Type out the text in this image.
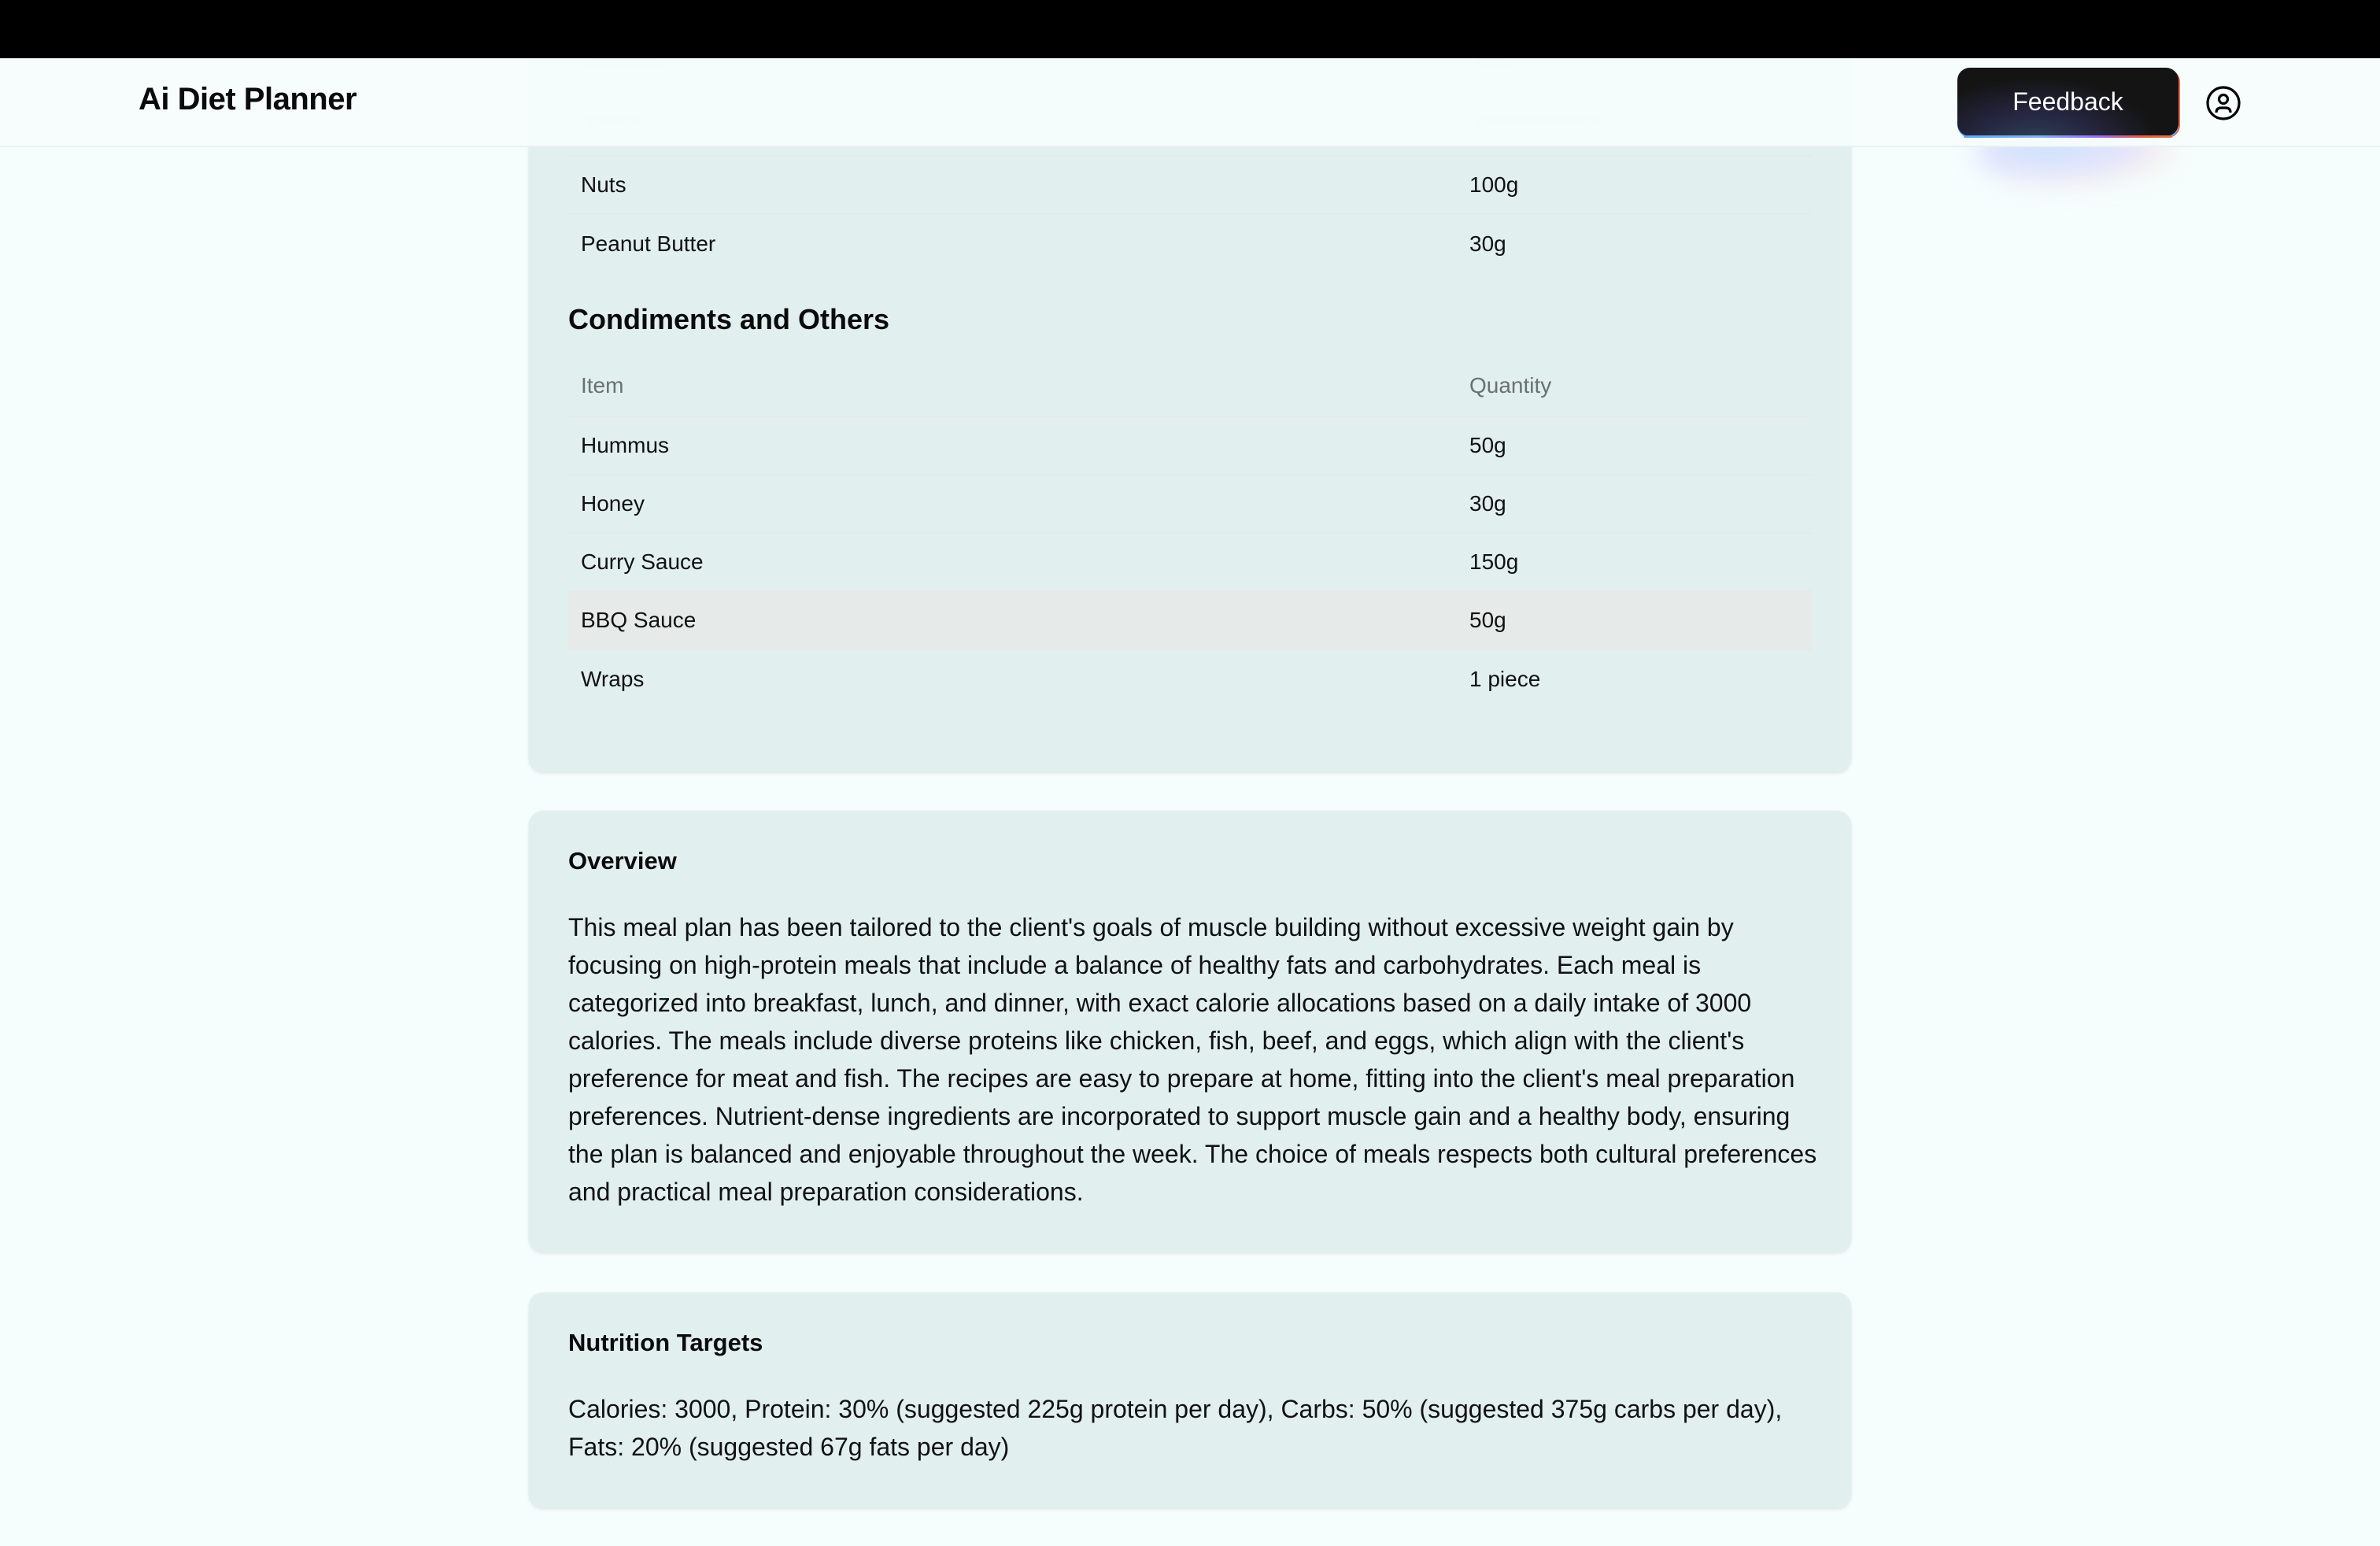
Ai Diet Planner	Feedback
Nuts	100g
Peanut Butter	30g
Condiments and Others
Item	Quantity
Hummus	50g
Honey	30g
Curry Sauce	150g
BBQ Sauce	50g
Wraps	1 piece
Overview

This meal plan has been tailored to the client's goals of muscle building without excessive weight gain by focusing on high-protein meals that include a balance of healthy fats and carbohydrates. Each meal is categorized into breakfast, lunch, and dinner, with exact calorie allocations based on a daily intake of 3000 calories. The meals include diverse proteins like chicken, fish, beef, and eggs, which align with the client's preference for meat and fish. The recipes are easy to prepare at home, fitting into the client's meal preparation preferences. Nutrient-dense ingredients are incorporated to support muscle gain and a healthy body, ensuring the plan is balanced and enjoyable throughout the week. The choice of meals respects both cultural preferences and practical meal preparation considerations.

Nutrition Targets

Calories: 3000, Protein: 30% (suggested 225g protein per day), Carbs: 50% (suggested 375g carbs per day), Fats: 20% (suggested 67g fats per day)
